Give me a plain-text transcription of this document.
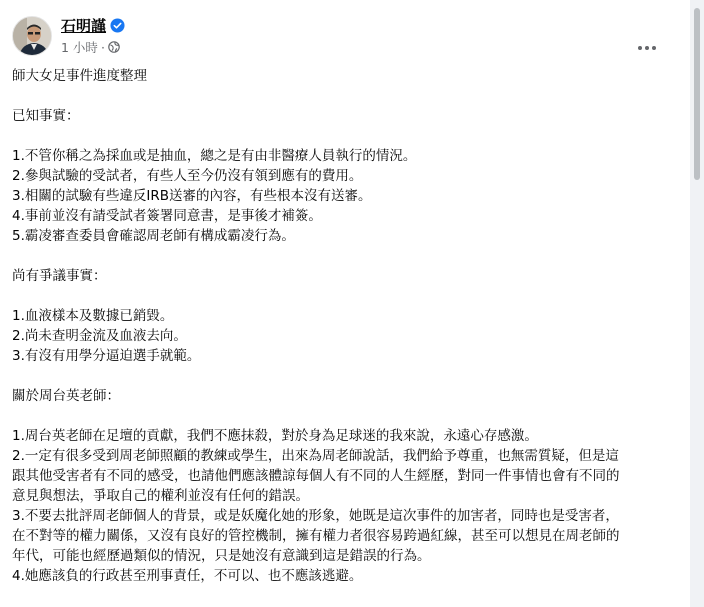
石明謹
1 小時 ·

師大女足事件進度整理

已知事實：

1.不管你稱之為採血或是抽血，總之是有由非醫療人員執行的情況。

2.參與試驗的受試者，有些人至今仍沒有領到應有的費用。

3.相關的試驗有些違反IRB送審的內容，有些根本沒有送審。

4.事前並沒有請受試者簽署同意書，是事後才補簽。

5.霸凌審查委員會確認周老師有構成霸凌行為。

尚有爭議事實：

1.血液樣本及數據已銷毀。

2.尚未查明金流及血液去向。

3.有沒有用學分逼迫選手就範。

關於周台英老師：

1.周台英老師在足壇的貢獻，我們不應抹殺，對於身為足球迷的我來說，永遠心存感激。

2.一定有很多受到周老師照顧的教練或學生，出來為周老師說話，我們給予尊重，也無需質疑，但是這

跟其他受害者有不同的感受，也請他們應該體諒每個人有不同的人生經歷，對同一件事情也會有不同的

意見與想法，爭取自己的權利並沒有任何的錯誤。

3.不要去批評周老師個人的背景，或是妖魔化她的形象，她既是這次事件的加害者，同時也是受害者，

在不對等的權力關係，又沒有良好的管控機制，擁有權力者很容易跨過紅線，甚至可以想見在周老師的

年代，可能也經歷過類似的情況，只是她沒有意識到這是錯誤的行為。

4.她應該負的行政甚至刑事責任，不可以、也不應該逃避。
